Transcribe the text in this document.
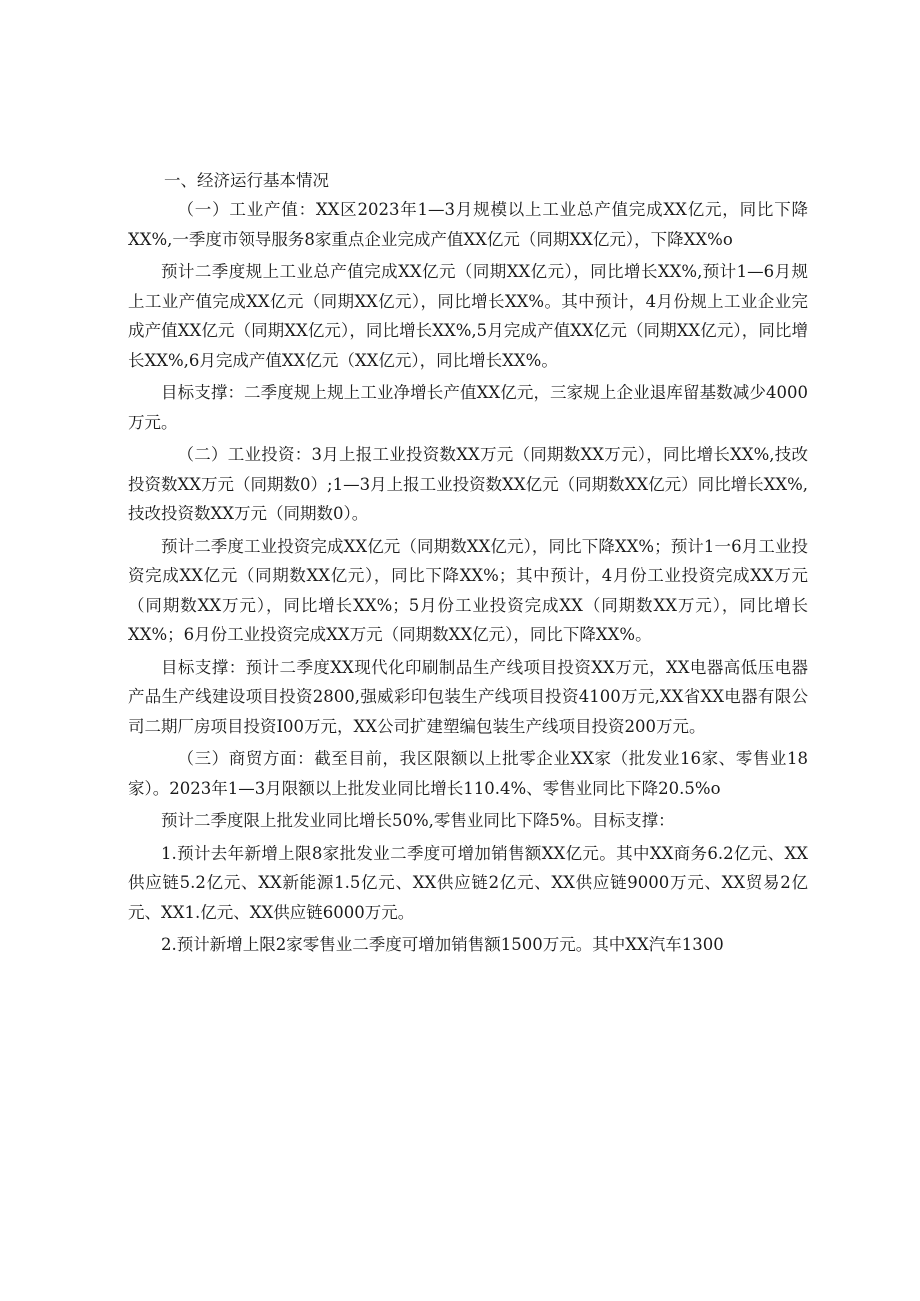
一、经济运行基本情况

（一）工业产值：XX区2023年1—3月规模以上工业总产值完成XX亿元，同比下降XX%,一季度市领导服务8家重点企业完成产值XX亿元（同期XX亿元），下降XX%o

预计二季度规上工业总产值完成XX亿元（同期XX亿元），同比增长XX%,预计1—6月规上工业产值完成XX亿元（同期XX亿元），同比增长XX%。其中预计，4月份规上工业企业完成产值XX亿元（同期XX亿元），同比增长XX%,5月完成产值XX亿元（同期XX亿元），同比增长XX%,6月完成产值XX亿元（XX亿元），同比增长XX%。

目标支撑：二季度规上规上工业净增长产值XX亿元，三家规上企业退库留基数减少4000万元。

（二）工业投资：3月上报工业投资数XX万元（同期数XX万元），同比增长XX%,技改投资数XX万元（同期数0）;1—3月上报工业投资数XX亿元（同期数XX亿元）同比增长XX%,技改投资数XX万元（同期数0）。

预计二季度工业投资完成XX亿元（同期数XX亿元），同比下降XX%；预计1一6月工业投资完成XX亿元（同期数XX亿元），同比下降XX%；其中预计，4月份工业投资完成XX万元（同期数XX万元），同比增长XX%；5月份工业投资完成XX（同期数XX万元），同比增长XX%；6月份工业投资完成XX万元（同期数XX亿元），同比下降XX%。

目标支撑：预计二季度XX现代化印刷制品生产线项目投资XX万元，XX电器高低压电器产品生产线建设项目投资2800,强威彩印包装生产线项目投资4100万元,XX省XX电器有限公司二期厂房项目投资I00万元，XX公司扩建塑编包装生产线项目投资200万元。

（三）商贸方面：截至目前，我区限额以上批零企业XX家（批发业16家、零售业18家）。2023年1—3月限额以上批发业同比增长110.4%、零售业同比下降20.5%o

预计二季度限上批发业同比增长50%,零售业同比下降5%。目标支撑：

1.预计去年新增上限8家批发业二季度可增加销售额XX亿元。其中XX商务6.2亿元、XX供应链5.2亿元、XX新能源1.5亿元、XX供应链2亿元、XX供应链9000万元、XX贸易2亿元、XX1.亿元、XX供应链6000万元。

2.预计新增上限2家零售业二季度可增加销售额1500万元。其中XX汽车1300
